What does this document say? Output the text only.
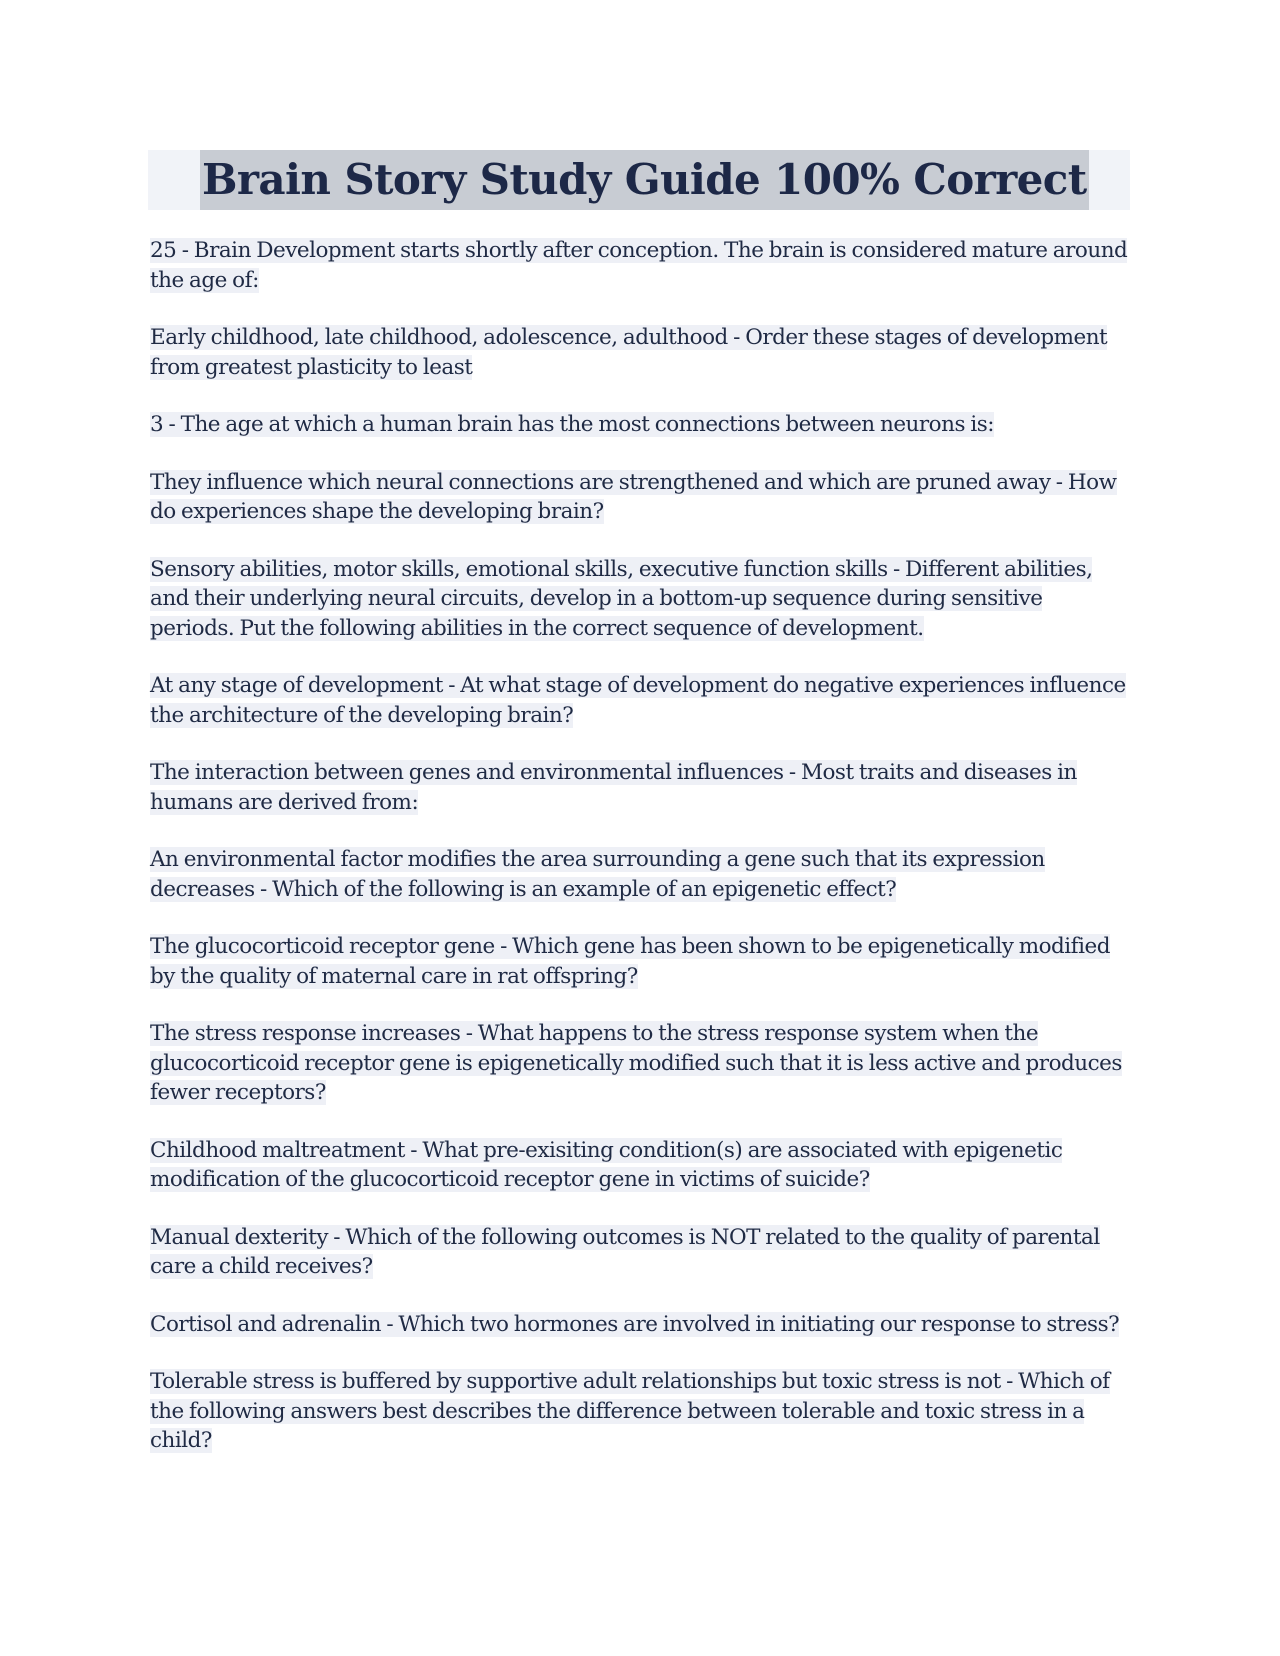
Brain Story Study Guide 100% Correct

25 - Brain Development starts shortly after conception. The brain is considered mature around the age of:

Early childhood, late childhood, adolescence, adulthood - Order these stages of development from greatest plasticity to least

3 - The age at which a human brain has the most connections between neurons is:

They influence which neural connections are strengthened and which are pruned away - How do experiences shape the developing brain?

Sensory abilities, motor skills, emotional skills, executive function skills - Different abilities, and their underlying neural circuits, develop in a bottom-up sequence during sensitive periods. Put the following abilities in the correct sequence of development.

At any stage of development - At what stage of development do negative experiences influence the architecture of the developing brain?

The interaction between genes and environmental influences - Most traits and diseases in humans are derived from:

An environmental factor modifies the area surrounding a gene such that its expression decreases - Which of the following is an example of an epigenetic effect?

The glucocorticoid receptor gene - Which gene has been shown to be epigenetically modified by the quality of maternal care in rat offspring?

The stress response increases - What happens to the stress response system when the glucocorticoid receptor gene is epigenetically modified such that it is less active and produces fewer receptors?

Childhood maltreatment - What pre-exisiting condition(s) are associated with epigenetic modification of the glucocorticoid receptor gene in victims of suicide?

Manual dexterity - Which of the following outcomes is NOT related to the quality of parental care a child receives?

Cortisol and adrenalin - Which two hormones are involved in initiating our response to stress?

Tolerable stress is buffered by supportive adult relationships but toxic stress is not - Which of the following answers best describes the difference between tolerable and toxic stress in a child?
